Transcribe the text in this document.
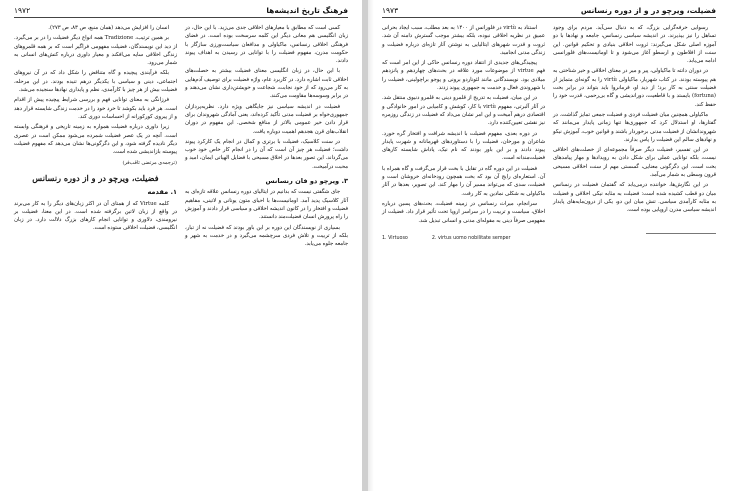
فرهنگ تاریخ اندیشه‌ها
۱۹۷۲

کسی است که مطابق با معیارهای اخلاقی جدی می‌زید. با این حال، در زبان انگلیسی هم معانی دیگر این کلمه سرسخت بوده است. در فضای فرهنگی اخلاقی رنسانس، ماکیاولی و مدافعان سیاست‌ورزی سازگار با حکومت مدرن، مفهوم فضیلت را با توانایی در رسیدن به اهداف پیوند دادند.

با این حال، در زبان انگلیسی معنای فضیلت بیشتر به خصلت‌های اخلاقی ثابت اشاره دارد. در کاربرد عام، واژه فضیلت برای توصیف آدم‌هایی به کار می‌رود که از خود نجابت، شجاعت و خویشتن‌داری نشان می‌دهند و در برابر وسوسه‌ها مقاومت می‌کنند.

فضیلت در اندیشه سیاسی نیز جایگاهی ویژه دارد. نظریه‌پردازان جمهوری‌خواه بر فضیلت مدنی تأکید کرده‌اند، یعنی آمادگی شهروندان برای قرار دادن خیر عمومی بالاتر از منافع شخصی. این مفهوم در دوران انقلاب‌های قرن هجدهم اهمیت دوباره یافت.

در سنت کلاسیک، فضیلت با برتری و کمال در انجام یک کارکرد پیوند داشت؛ فضیلت هر چیز آن است که آن را در انجام کار خاص خود خوب می‌گرداند. این تصور بعدها در اخلاق مسیحی با فضایل الهیاتی ایمان، امید و محبت درآمیخت.

۳. ویرچو دو فان رنسانس

جای شگفتی نیست که بدانیم در ایتالیای دوره رنسانس علاقه تازه‌ای به آثار کلاسیک پدید آمد. اومانیست‌ها با احیای متون یونانی و لاتینی، مفاهیم فضیلت و افتخار را در کانون اندیشه اخلاقی و سیاسی قرار دادند و آموزش را راه پرورش انسان فضیلت‌مند دانستند.

بسیاری از نویسندگان این دوره بر این باور بودند که فضیلت نه از تبار، بلکه از تربیت و تلاش فردی سرچشمه می‌گیرد و در خدمت به شهر و جامعه جلوه می‌یابد.

انسان را افزایش می‌دهد (همان منبع، ص ۸۳، ص ۲۷۳).

بر همین ترتیب، Tradizione همه انواع دیگر فضیلت را در بر می‌گیرد. از دید این نویسندگان، فضیلت مفهومی فراگیر است که بر همه قلمروهای زندگی اخلاقی سایه می‌افکند و معیار داوری درباره کنش‌های انسانی به شمار می‌رود.

بلکه فرآیندی پیچیده و گاه متناقض را شکل داد که در آن نیروهای اجتماعی، دینی و سیاسی با یکدیگر درهم تنیده بودند. در این مرحله، فضیلت بیش از هر چیز با کارآمدی، نظم و پایداری نهادها سنجیده می‌شد.

فرزانگی به معنای توانایی فهم و بررسی شرایط پیچیده پیش از اقدام است. هر فرد باید بکوشد تا خرد خود را در خدمت زندگی شایسته قرار دهد و از پیروی کورکورانه از احساسات دوری کند.

زیرا داوری درباره فضیلت همواره به زمینه تاریخی و فرهنگی وابسته است. آنچه در یک عصر فضیلت شمرده می‌شود ممکن است در عصری دیگر نادیده گرفته شود، و این دگرگونی‌ها نشان می‌دهد که مفهوم فضیلت پیوسته بازاندیشی شده است.

(ترجمه‌ی مرتضی ثاقب‌فر)
فضیلت، ویرچو در و از دوره رنسانس
۱. مقدمه

کلمه Virtue که از همتای آن در اکثر زبان‌های دیگر را به کار می‌برند در واقع از زبان لاتین برگرفته شده است. در این معنا، فضیلت بر نیرومندی، دلاوری و توانایی انجام کارهای بزرگ دلالت دارد. در زبان انگلیسی، فضیلت اخلاقی ستوده است.

فضیلت، ویرچو در و از دوره رنسانس
۱۹۷۳

رسوایی خرفه‌گرایی بزرگ، که به دنبال سی‌آید. مردم برای وجود تساهل را نیز بپذیرند. در اندیشه سیاسی رنسانس، جامعه و نهادها با دو آموزه اصلی شکل می‌گیرند: ثروت اخلاقی بنیادی و تحکیم قوانین. این سنت از افلاطون و ارسطو آغاز می‌شود و تا اومانیست‌های فلورانسی ادامه می‌یابد.

در دوران دانته تا ماکیاولی، پیر و میر در معنای اخلاقی و خیر شناختی به هم پیوسته بودند. در کتاب شهریار، ماکیاولی virtù را به گونه‌ای متمایز از فضیلت سنتی به کار برد؛ از دید او، فرمانروا باید بتواند در برابر بخت (fortuna) بایستد و با قاطعیت، دوراندیشی و گاه بی‌رحمی، قدرت خود را حفظ کند.

ماکیاولی همچنین میان فضیلت فردی و فضیلت جمعی تمایز گذاشت. در گفتارها، او استدلال کرد که جمهوری‌ها تنها زمانی پایدار می‌مانند که شهروندانشان از فضیلت مدنی برخوردار باشند و قوانین خوب، آموزش نیکو و نهادهای سالم این فضیلت را پاس بدارند.

در این تفسیر، فضیلت دیگر صرفاً مجموعه‌ای از خصلت‌های اخلاقی نیست، بلکه توانایی عملی برای شکل دادن به رویدادها و مهار پیامدهای بخت است. این دگرگونی معنایی، گسستی مهم از سنت اخلاقی مسیحی قرون وسطی به شمار می‌آمد.

در این نگارش‌ها، خواننده درمی‌یابد که گفتمان فضیلت در رنسانس میان دو قطب کشیده شده است: فضیلت به مثابه نیکی اخلاقی و فضیلت به مثابه کارآمدی سیاسی. تنش میان این دو، یکی از درون‌مایه‌های پایدار اندیشه سیاسی مدرن اروپایی بوده است.

استناد به virtù در فلورانس از ۱۴۰۰ به بعد مطلب، سبب ایجاد بحرانی عمیق در نظریه اخلاقی نبوده، بلکه بیشتر موجب گسترش دامنه آن شد. ثروت و قدرت شهرهای ایتالیایی به نوشتن آثار تازه‌ای درباره فضیلت و زندگی مدنی انجامید.

پیچیدگی‌های جدیدی از انتقاد دوره رنسانس حاکی از این امر است که فهم virtue از موضوعات مورد علاقه در بحث‌های چهاردهم و پانزدهم میلادی بود. نویسندگانی مانند لئوناردو برونی و پوجو براچولینی، فضیلت را با شهروندی فعال و خدمت به جمهوری پیوند زدند.

در این میان، فضیلت به تدریج از قلمرو دینی به قلمرو دنیوی منتقل شد. در آثار آلبرتی، مفهوم virtù با کار، کوشش و کامیابی در امور خانوادگی و اقتصادی درهم آمیخت و این امر نشان می‌داد که فضیلت در زندگی روزمره نیز نقشی تعیین‌کننده دارد.

در دوره بعدی، مفهوم فضیلت با اندیشه شرافت و افتخار گره خورد. شاعران و مورخان، فضیلت را با دستاوردهای قهرمانانه و شهرت پایدار پیوند دادند و بر این باور بودند که نام نیک، پاداش شایسته کارهای فضیلت‌مندانه است.

فضیلت در این دوره گاه در تقابل با بخت قرار می‌گرفت و گاه همراه با آن. استعاره‌ای رایج آن بود که بخت همچون رودخانه‌ای خروشان است و فضیلت، سدی که می‌تواند مسیر آن را مهار کند. این تصویر، بعدها در آثار ماکیاولی به شکلی نمادین به کار رفت.

سرانجام، میراث رنسانس در زمینه فضیلت، بحث‌های پسین درباره اخلاق، سیاست و تربیت را در سراسر اروپا تحت تأثیر قرار داد. فضیلت از مفهومی صرفاً دینی به مقوله‌ای مدنی و انسانی تبدیل شد.

1. Virtuoso	2. virtus uomo nobilitate semper
